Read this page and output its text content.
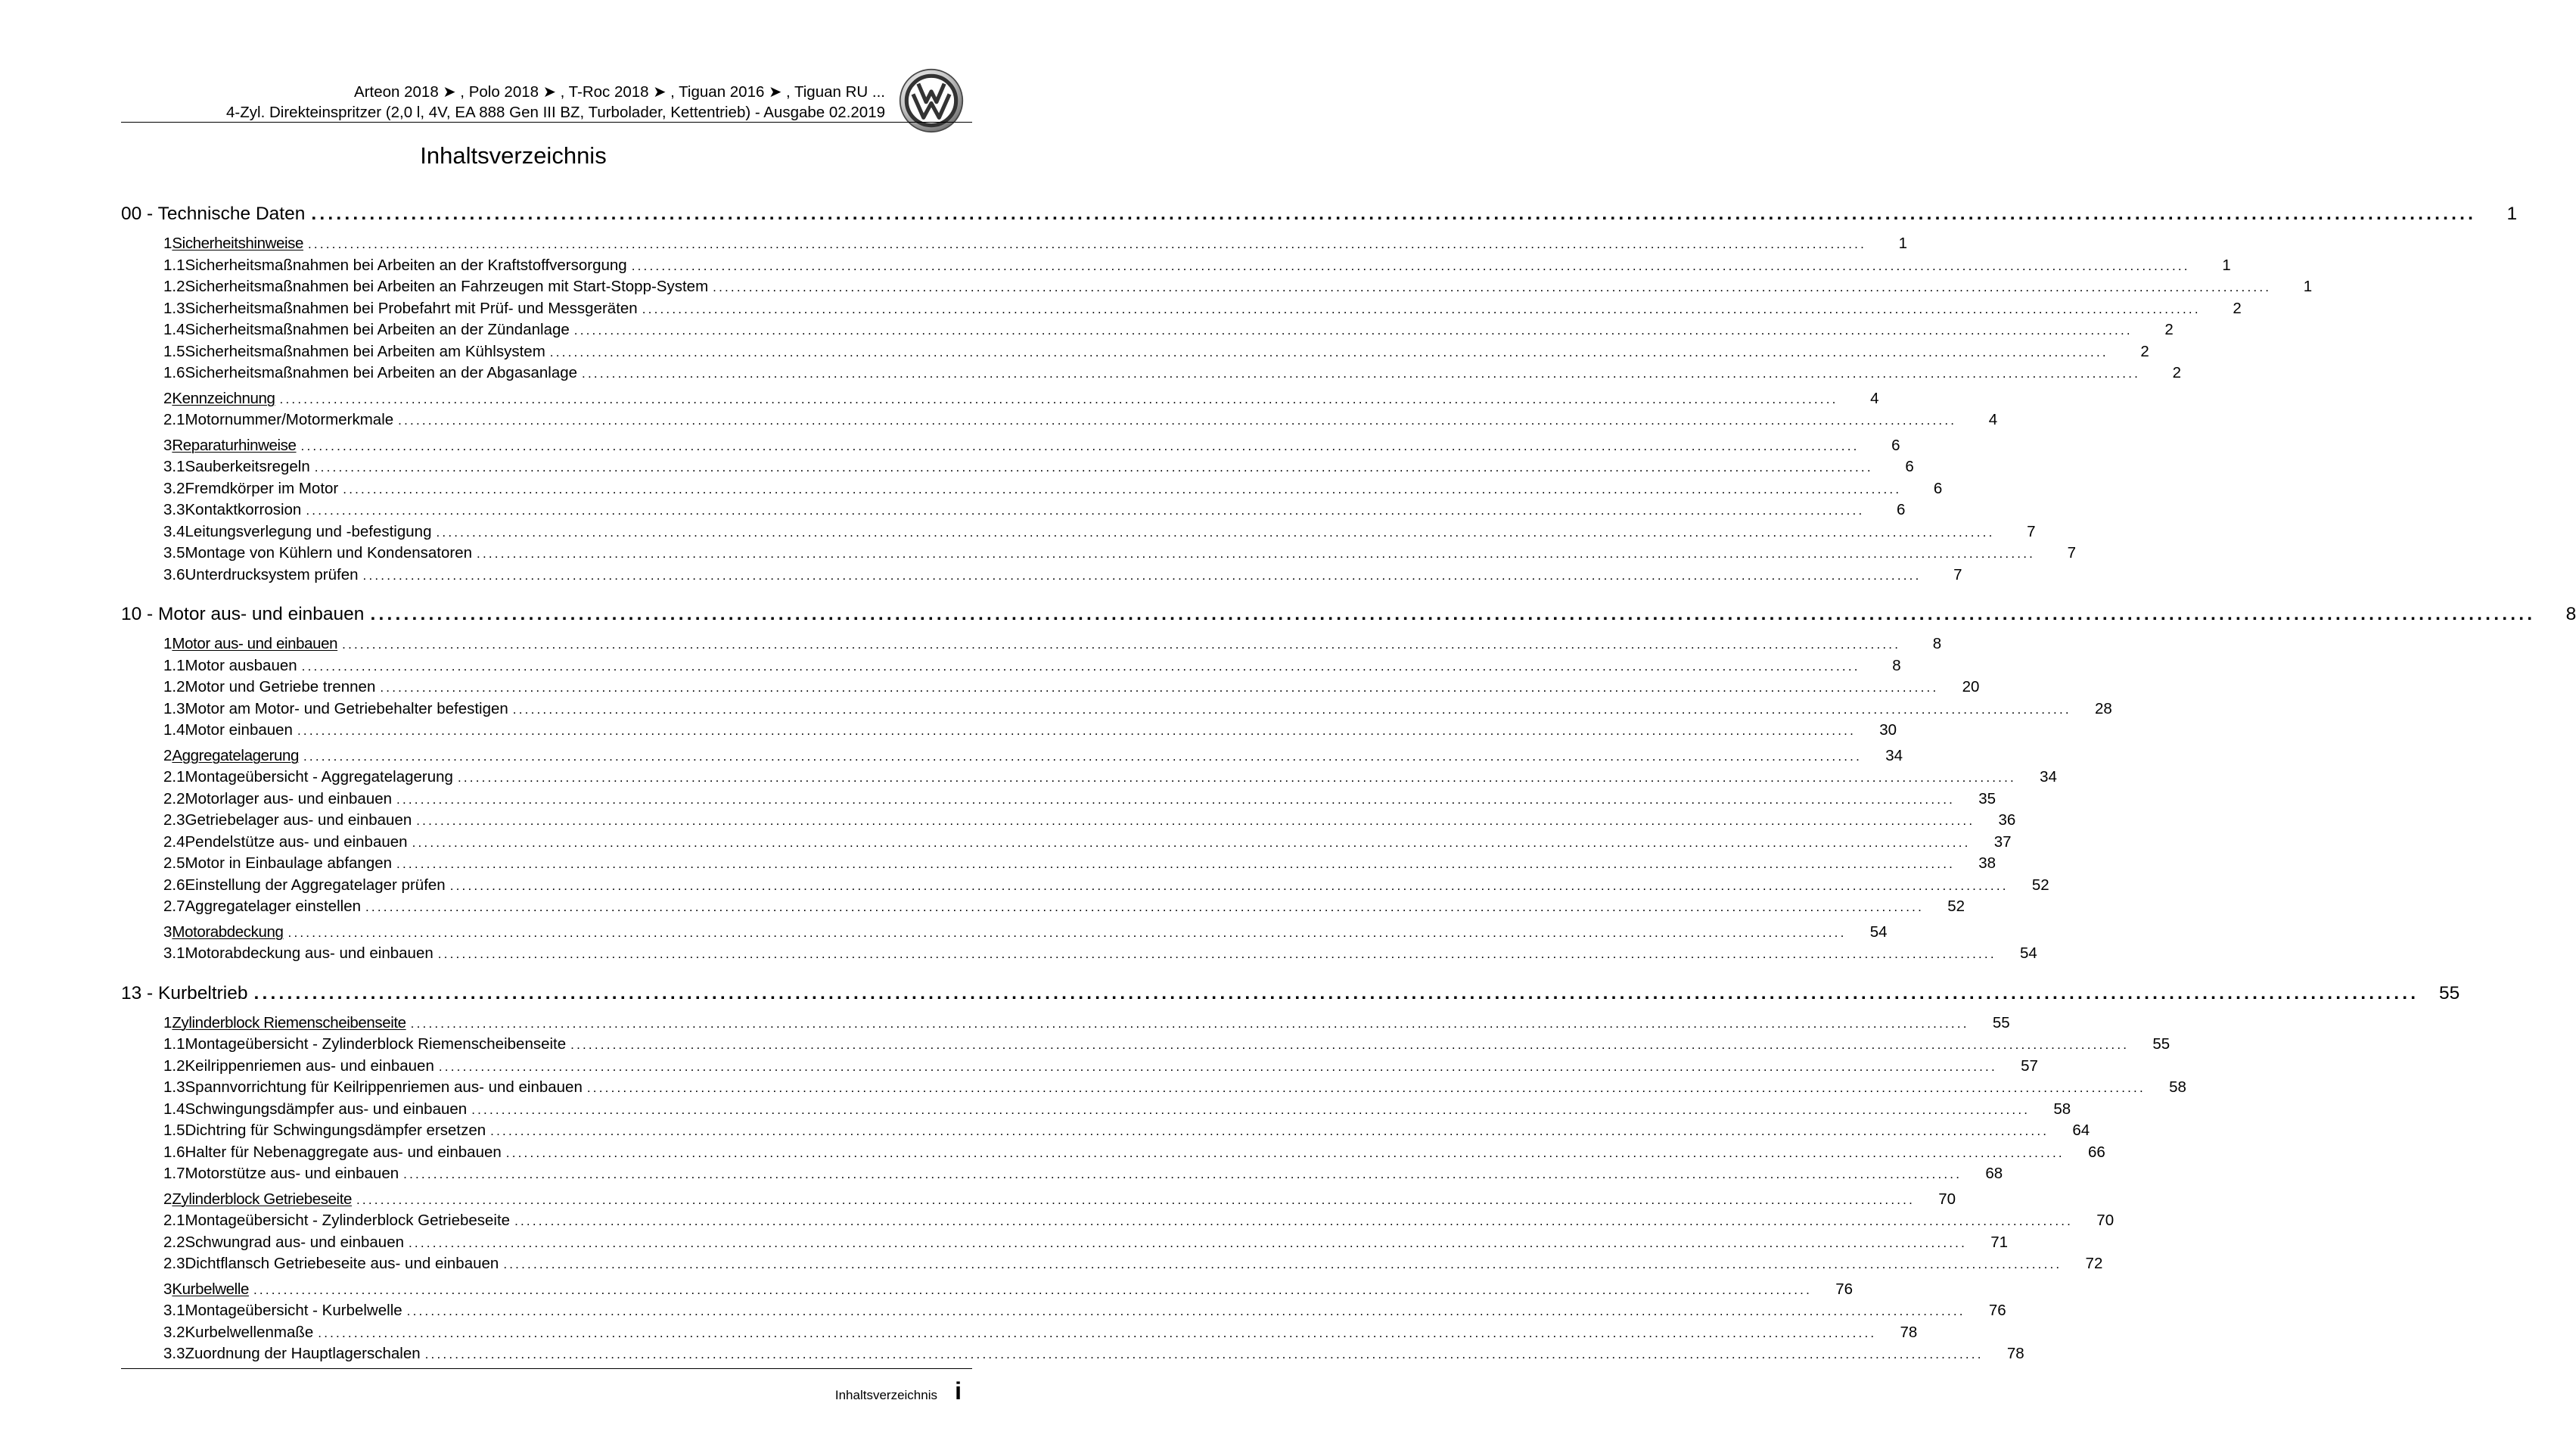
Arteon 2018 ➤ , Polo 2018 ➤ , T-Roc 2018 ➤ , Tiguan 2016 ➤ , Tiguan RU ...
4-Zyl. Direkteinspritzer (2,0 l, 4V, EA 888 Gen III BZ, Turbolader, Kettentrieb) - Ausgabe 02.2019
Inhaltsverzeichnis
00 - Technische Daten ....................................................................................................................................................................................................................................................................	1
1 Sicherheitshinweise ....................................................................................................................................................................................................................................................................	1
1.1 Sicherheitsmaßnahmen bei Arbeiten an der Kraftstoffversorgung ....................................................................................................................................................................................................................................................................	1
1.2 Sicherheitsmaßnahmen bei Arbeiten an Fahrzeugen mit Start-Stopp-System ....................................................................................................................................................................................................................................................................	1
1.3 Sicherheitsmaßnahmen bei Probefahrt mit Prüf- und Messgeräten ....................................................................................................................................................................................................................................................................	2
1.4 Sicherheitsmaßnahmen bei Arbeiten an der Zündanlage ....................................................................................................................................................................................................................................................................	2
1.5 Sicherheitsmaßnahmen bei Arbeiten am Kühlsystem ....................................................................................................................................................................................................................................................................	2
1.6 Sicherheitsmaßnahmen bei Arbeiten an der Abgasanlage ....................................................................................................................................................................................................................................................................	2
2 Kennzeichnung ....................................................................................................................................................................................................................................................................	4
2.1 Motornummer/Motormerkmale ....................................................................................................................................................................................................................................................................	4
3 Reparaturhinweise ....................................................................................................................................................................................................................................................................	6
3.1 Sauberkeitsregeln ....................................................................................................................................................................................................................................................................	6
3.2 Fremdkörper im Motor ....................................................................................................................................................................................................................................................................	6
3.3 Kontaktkorrosion ....................................................................................................................................................................................................................................................................	6
3.4 Leitungsverlegung und -befestigung ....................................................................................................................................................................................................................................................................	7
3.5 Montage von Kühlern und Kondensatoren ....................................................................................................................................................................................................................................................................	7
3.6 Unterdrucksystem prüfen ....................................................................................................................................................................................................................................................................	7
10 - Motor aus- und einbauen ....................................................................................................................................................................................................................................................................	8
1 Motor aus- und einbauen ....................................................................................................................................................................................................................................................................	8
1.1 Motor ausbauen ....................................................................................................................................................................................................................................................................	8
1.2 Motor und Getriebe trennen ....................................................................................................................................................................................................................................................................	20
1.3 Motor am Motor- und Getriebehalter befestigen ....................................................................................................................................................................................................................................................................	28
1.4 Motor einbauen ....................................................................................................................................................................................................................................................................	30
2 Aggregatelagerung ....................................................................................................................................................................................................................................................................	34
2.1 Montageübersicht - Aggregatelagerung ....................................................................................................................................................................................................................................................................	34
2.2 Motorlager aus- und einbauen ....................................................................................................................................................................................................................................................................	35
2.3 Getriebelager aus- und einbauen ....................................................................................................................................................................................................................................................................	36
2.4 Pendelstütze aus- und einbauen ....................................................................................................................................................................................................................................................................	37
2.5 Motor in Einbaulage abfangen ....................................................................................................................................................................................................................................................................	38
2.6 Einstellung der Aggregatelager prüfen ....................................................................................................................................................................................................................................................................	52
2.7 Aggregatelager einstellen ....................................................................................................................................................................................................................................................................	52
3 Motorabdeckung ....................................................................................................................................................................................................................................................................	54
3.1 Motorabdeckung aus- und einbauen ....................................................................................................................................................................................................................................................................	54
13 - Kurbeltrieb ....................................................................................................................................................................................................................................................................	55
1 Zylinderblock Riemenscheibenseite ....................................................................................................................................................................................................................................................................	55
1.1 Montageübersicht - Zylinderblock Riemenscheibenseite ....................................................................................................................................................................................................................................................................	55
1.2 Keilrippenriemen aus- und einbauen ....................................................................................................................................................................................................................................................................	57
1.3 Spannvorrichtung für Keilrippenriemen aus- und einbauen ....................................................................................................................................................................................................................................................................	58
1.4 Schwingungsdämpfer aus- und einbauen ....................................................................................................................................................................................................................................................................	58
1.5 Dichtring für Schwingungsdämpfer ersetzen ....................................................................................................................................................................................................................................................................	64
1.6 Halter für Nebenaggregate aus- und einbauen ....................................................................................................................................................................................................................................................................	66
1.7 Motorstütze aus- und einbauen ....................................................................................................................................................................................................................................................................	68
2 Zylinderblock Getriebeseite ....................................................................................................................................................................................................................................................................	70
2.1 Montageübersicht - Zylinderblock Getriebeseite ....................................................................................................................................................................................................................................................................	70
2.2 Schwungrad aus- und einbauen ....................................................................................................................................................................................................................................................................	71
2.3 Dichtflansch Getriebeseite aus- und einbauen ....................................................................................................................................................................................................................................................................	72
3 Kurbelwelle ....................................................................................................................................................................................................................................................................	76
3.1 Montageübersicht - Kurbelwelle ....................................................................................................................................................................................................................................................................	76
3.2 Kurbelwellenmaße ....................................................................................................................................................................................................................................................................	78
3.3 Zuordnung der Hauptlagerschalen ....................................................................................................................................................................................................................................................................	78
Inhaltsverzeichnis i
